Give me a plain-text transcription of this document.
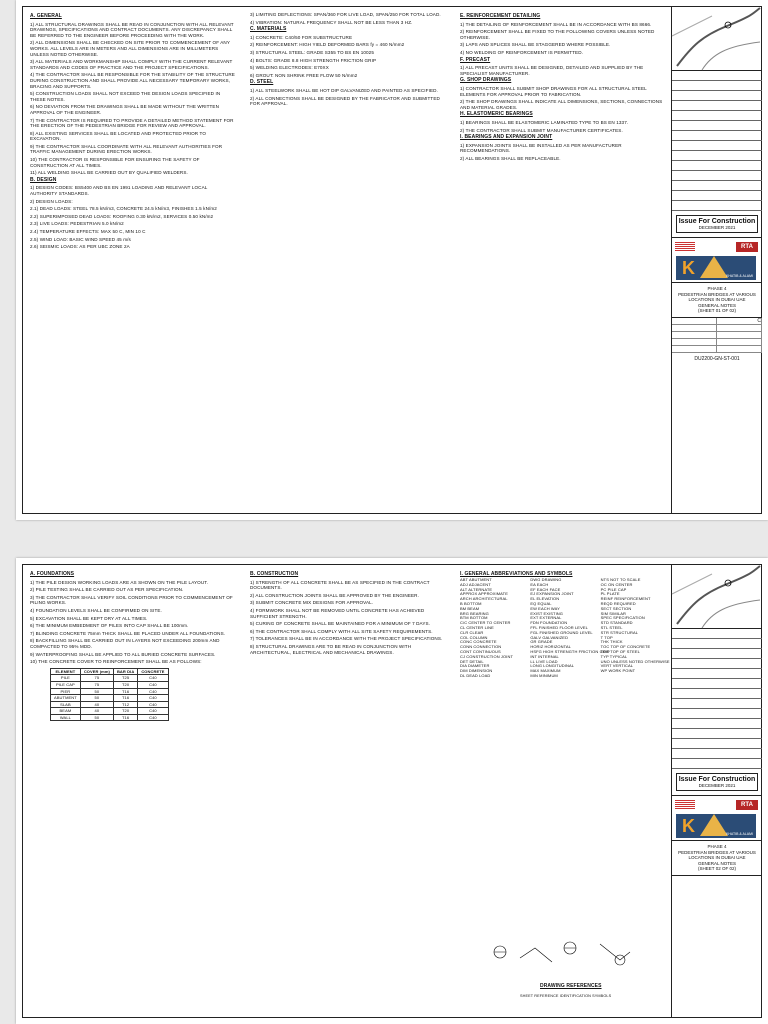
A. GENERAL

1) ALL STRUCTURAL DRAWINGS SHALL BE READ IN CONJUNCTION WITH ALL RELEVANT DRAWINGS, SPECIFICATIONS AND CONTRACT DOCUMENTS. ANY DISCREPANCY SHALL BE REFERRED TO THE ENGINEER BEFORE PROCEEDING WITH THE WORK.

2) ALL DIMENSIONS SHALL BE CHECKED ON SITE PRIOR TO COMMENCEMENT OF ANY WORKS. ALL LEVELS ARE IN METERS AND ALL DIMENSIONS ARE IN MILLIMETERS UNLESS NOTED OTHERWISE.

3) ALL MATERIALS AND WORKMANSHIP SHALL COMPLY WITH THE CURRENT RELEVANT STANDARDS AND CODES OF PRACTICE AND THE PROJECT SPECIFICATIONS.

4) THE CONTRACTOR SHALL BE RESPONSIBLE FOR THE STABILITY OF THE STRUCTURE DURING CONSTRUCTION AND SHALL PROVIDE ALL NECESSARY TEMPORARY WORKS, BRACING AND SUPPORTS.

5) CONSTRUCTION LOADS SHALL NOT EXCEED THE DESIGN LOADS SPECIFIED IN THESE NOTES.

6) NO DEVIATION FROM THE DRAWINGS SHALL BE MADE WITHOUT THE WRITTEN APPROVAL OF THE ENGINEER.

7) THE CONTRACTOR IS REQUIRED TO PROVIDE A DETAILED METHOD STATEMENT FOR THE ERECTION OF THE PEDESTRIAN BRIDGE FOR REVIEW AND APPROVAL.

8) ALL EXISTING SERVICES SHALL BE LOCATED AND PROTECTED PRIOR TO EXCAVATION.

9) THE CONTRACTOR SHALL COORDINATE WITH ALL RELEVANT AUTHORITIES FOR TRAFFIC MANAGEMENT DURING ERECTION WORKS.

10) THE CONTRACTOR IS RESPONSIBLE FOR ENSURING THE SAFETY OF CONSTRUCTION AT ALL TIMES.

11) ALL WELDING SHALL BE CARRIED OUT BY QUALIFIED WELDERS.

B. DESIGN

1) DESIGN CODES: BS5400 AND BS EN 1991 LOADING AND RELEVANT LOCAL AUTHORITY STANDARDS.

2) DESIGN LOADS:

2.1) DEAD LOADS: STEEL 78.5 kN/m3, CONCRETE 24.5 kN/m3, FINISHES 1.5 kN/m2

2.2) SUPERIMPOSED DEAD LOADS: ROOFING 0.30 kN/m2, SERVICES 0.50 kN/m2

2.3) LIVE LOADS: PEDESTRIAN 5.0 kN/m2

2.4) TEMPERATURE EFFECTS: MAX 50 C, MIN 10 C

2.5) WIND LOAD: BASIC WIND SPEED 45 m/s

2.6) SEISMIC LOADS: AS PER UBC ZONE 2A

3) LIMITING DEFLECTIONS: SPAN/360 FOR LIVE LOAD, SPAN/250 FOR TOTAL LOAD.

4) VIBRATION: NATURAL FREQUENCY SHALL NOT BE LESS THAN 3 HZ.

C. MATERIALS

1) CONCRETE: C40/50 FOR SUBSTRUCTURE

2) REINFORCEMENT: HIGH YIELD DEFORMED BARS fy = 460 N/mm2

3) STRUCTURAL STEEL: GRADE S355 TO BS EN 10025

4) BOLTS: GRADE 8.8 HIGH STRENGTH FRICTION GRIP

5) WELDING ELECTRODES: E70XX

6) GROUT: NON SHRINK FREE FLOW 50 N/mm2

D. STEEL

1) ALL STEELWORK SHALL BE HOT DIP GALVANIZED AND PAINTED AS SPECIFIED.

2) ALL CONNECTIONS SHALL BE DESIGNED BY THE FABRICATOR AND SUBMITTED FOR APPROVAL.

E. REINFORCEMENT DETAILING

1) THE DETAILING OF REINFORCEMENT SHALL BE IN ACCORDANCE WITH BS 8666.

2) REINFORCEMENT SHALL BE FIXED TO THE FOLLOWING COVERS UNLESS NOTED OTHERWISE.

3) LAPS AND SPLICES SHALL BE STAGGERED WHERE POSSIBLE.

4) NO WELDING OF REINFORCEMENT IS PERMITTED.

F. PRECAST

1) ALL PRECAST UNITS SHALL BE DESIGNED, DETAILED AND SUPPLIED BY THE SPECIALIST MANUFACTURER.

G. SHOP DRAWINGS

1) CONTRACTOR SHALL SUBMIT SHOP DRAWINGS FOR ALL STRUCTURAL STEEL ELEMENTS FOR APPROVAL PRIOR TO FABRICATION.

2) THE SHOP DRAWINGS SHALL INDICATE ALL DIMENSIONS, SECTIONS, CONNECTIONS AND MATERIAL GRADES.

H. ELASTOMERIC BEARINGS

1) BEARINGS SHALL BE ELASTOMERIC LAMINATED TYPE TO BS EN 1337.

2) THE CONTRACTOR SHALL SUBMIT MANUFACTURER CERTIFICATES.

I. BEARINGS AND EXPANSION JOINT

1) EXPANSION JOINTS SHALL BE INSTALLED AS PER MANUFACTURER RECOMMENDATIONS.

2) ALL BEARINGS SHALL BE REPLACEABLE.

Issue For Construction
DECEMBER 2021
RTA
K	KHATIB & ALAMI
PHASE 4
PEDESTRIAN BRIDGES AT VARIOUS
LOCATIONS IN DUBAI UAE
GENERAL NOTES
(SHEET 01 OF 02)
C
DU2200-GN-ST-001
A. FOUNDATIONS

1) THE PILE DESIGN WORKING LOADS ARE AS SHOWN ON THE PILE LAYOUT.

2) PILE TESTING SHALL BE CARRIED OUT AS PER SPECIFICATION.

3) THE CONTRACTOR SHALL VERIFY SOIL CONDITIONS PRIOR TO COMMENCEMENT OF PILING WORKS.

4) FOUNDATION LEVELS SHALL BE CONFIRMED ON SITE.

5) EXCAVATION SHALL BE KEPT DRY AT ALL TIMES.

6) THE MINIMUM EMBEDMENT OF PILES INTO CAP SHALL BE 100mm.

7) BLINDING CONCRETE 75mm THICK SHALL BE PLACED UNDER ALL FOUNDATIONS.

8) BACKFILLING SHALL BE CARRIED OUT IN LAYERS NOT EXCEEDING 200mm AND COMPACTED TO 95% MDD.

9) WATERPROOFING SHALL BE APPLIED TO ALL BURIED CONCRETE SURFACES.

10) THE CONCRETE COVER TO REINFORCEMENT SHALL BE AS FOLLOWS:

ELEMENT	COVER (mm)	BAR DIA	CONCRETE
PILE	75	T25	C40
PILE CAP	75	T20	C40
PIER	50	T16	C40
ABUTMENT	50	T16	C40
SLAB	40	T12	C40
BEAM	40	T20	C40
WALL	50	T16	C40
B. CONSTRUCTION

1) STRENGTH OF ALL CONCRETE SHALL BE AS SPECIFIED IN THE CONTRACT DOCUMENTS.

2) ALL CONSTRUCTION JOINTS SHALL BE APPROVED BY THE ENGINEER.

3) SUBMIT CONCRETE MIX DESIGNS FOR APPROVAL.

4) FORMWORK SHALL NOT BE REMOVED UNTIL CONCRETE HAS ACHIEVED SUFFICIENT STRENGTH.

5) CURING OF CONCRETE SHALL BE MAINTAINED FOR A MINIMUM OF 7 DAYS.

6) THE CONTRACTOR SHALL COMPLY WITH ALL SITE SAFETY REQUIREMENTS.

7) TOLERANCES SHALL BE IN ACCORDANCE WITH THE PROJECT SPECIFICATIONS.

8) STRUCTURAL DRAWINGS ARE TO BE READ IN CONJUNCTION WITH ARCHITECTURAL, ELECTRICAL AND MECHANICAL DRAWINGS.

I. GENERAL ABBREVIATIONS AND SYMBOLS
ABT ABUTMENT
ADJ ADJACENT
ALT ALTERNATE
APPROX APPROXIMATE
ARCH ARCHITECTURAL
B BOTTOM
BM BEAM
BRG BEARING
BTM BOTTOM
C/C CENTER TO CENTER
CL CENTER LINE
CLR CLEAR
COL COLUMN
CONC CONCRETE
CONN CONNECTION
CONT CONTINUOUS
CJ CONSTRUCTION JOINT
DET DETAIL
DIA DIAMETER
DIM DIMENSION
DL DEAD LOAD
DWG DRAWING
EA EACH
EF EACH FACE
EJ EXPANSION JOINT
EL ELEVATION
EQ EQUAL
EW EACH WAY
EXIST EXISTING
EXT EXTERNAL
FDN FOUNDATION
FFL FINISHED FLOOR LEVEL
FGL FINISHED GROUND LEVEL
GALV GALVANIZED
GR GRADE
HORIZ HORIZONTAL
HSFG HIGH STRENGTH FRICTION GRIP
INT INTERNAL
LL LIVE LOAD
LONG LONGITUDINAL
MAX MAXIMUM
MIN MINIMUM
NTS NOT TO SCALE
OC ON CENTER
PC PILE CAP
PL PLATE
REINF REINFORCEMENT
REQD REQUIRED
SECT SECTION
SIM SIMILAR
SPEC SPECIFICATION
STD STANDARD
STL STEEL
STR STRUCTURAL
T TOP
THK THICK
TOC TOP OF CONCRETE
TOS TOP OF STEEL
TYP TYPICAL
UNO UNLESS NOTED OTHERWISE
VERT VERTICAL
WP WORK POINT
DRAWING REFERENCES
SHEET REFERENCE IDENTIFICATION SYMBOLS
Issue For Construction
DECEMBER 2021
RTA
K	KHATIB & ALAMI
PHASE 4
PEDESTRIAN BRIDGES AT VARIOUS
LOCATIONS IN DUBAI UAE
GENERAL NOTES
(SHEET 02 OF 02)
